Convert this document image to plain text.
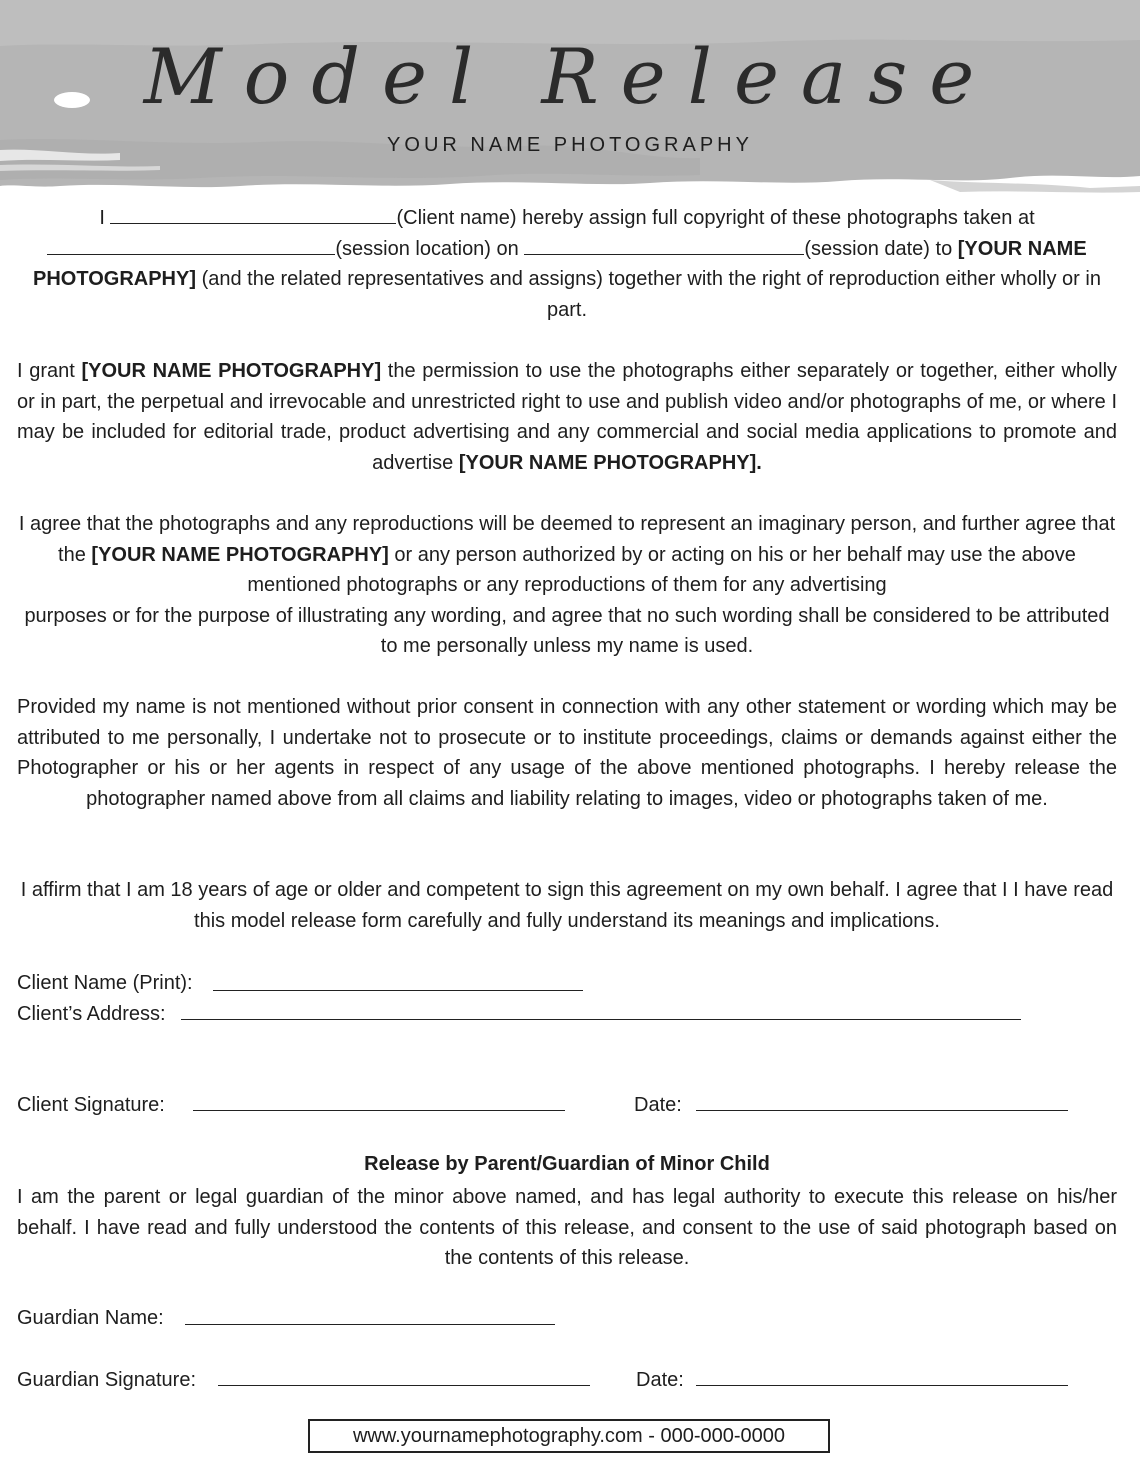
Model Release
YOUR NAME PHOTOGRAPHY

I	(Client name) hereby assign full copyright of these photographs taken at
(session location) on	(session date) to [YOUR NAME PHOTOGRAPHY] (and the related representatives and assigns) together with the right of reproduction either wholly or in part.

I grant [YOUR NAME PHOTOGRAPHY] the permission to use the photographs either separately or together, either wholly or in part, the perpetual and irrevocable and unrestricted right to use and publish video and/or photographs of me, or where I may be included for editorial trade, product advertising and any commercial and social media applications to promote and advertise [YOUR NAME PHOTOGRAPHY].

I agree that the photographs and any reproductions will be deemed to represent an imaginary person, and further agree that the [YOUR NAME PHOTOGRAPHY] or any person authorized by or acting on his or her behalf may use the above mentioned photographs or any reproductions of them for any advertising
purposes or for the purpose of illustrating any wording, and agree that no such wording shall be considered to be attributed to me personally unless my name is used.

Provided my name is not mentioned without prior consent in connection with any other statement or wording which may be attributed to me personally, I undertake not to prosecute or to institute proceedings, claims or demands against either the Photographer or his or her agents in respect of any usage of the above mentioned photographs. I hereby release the photographer named above from all claims and liability relating to images, video or photographs taken of me.

I affirm that I am 18 years of age or older and competent to sign this agreement on my own behalf. I agree that I I have read this model release form carefully and fully understand its meanings and implications.

Client Name (Print):
Client’s Address:
Client Signature:	Date:
Release by Parent/Guardian of Minor Child

I am the parent or legal guardian of the minor above named, and has legal authority to execute this release on his/her behalf. I have read and fully understood the contents of this release, and consent to the use of said photograph based on the contents of this release.

Guardian Name:
Guardian Signature:	Date:
www.yournamephotography.com - 000-000-0000
